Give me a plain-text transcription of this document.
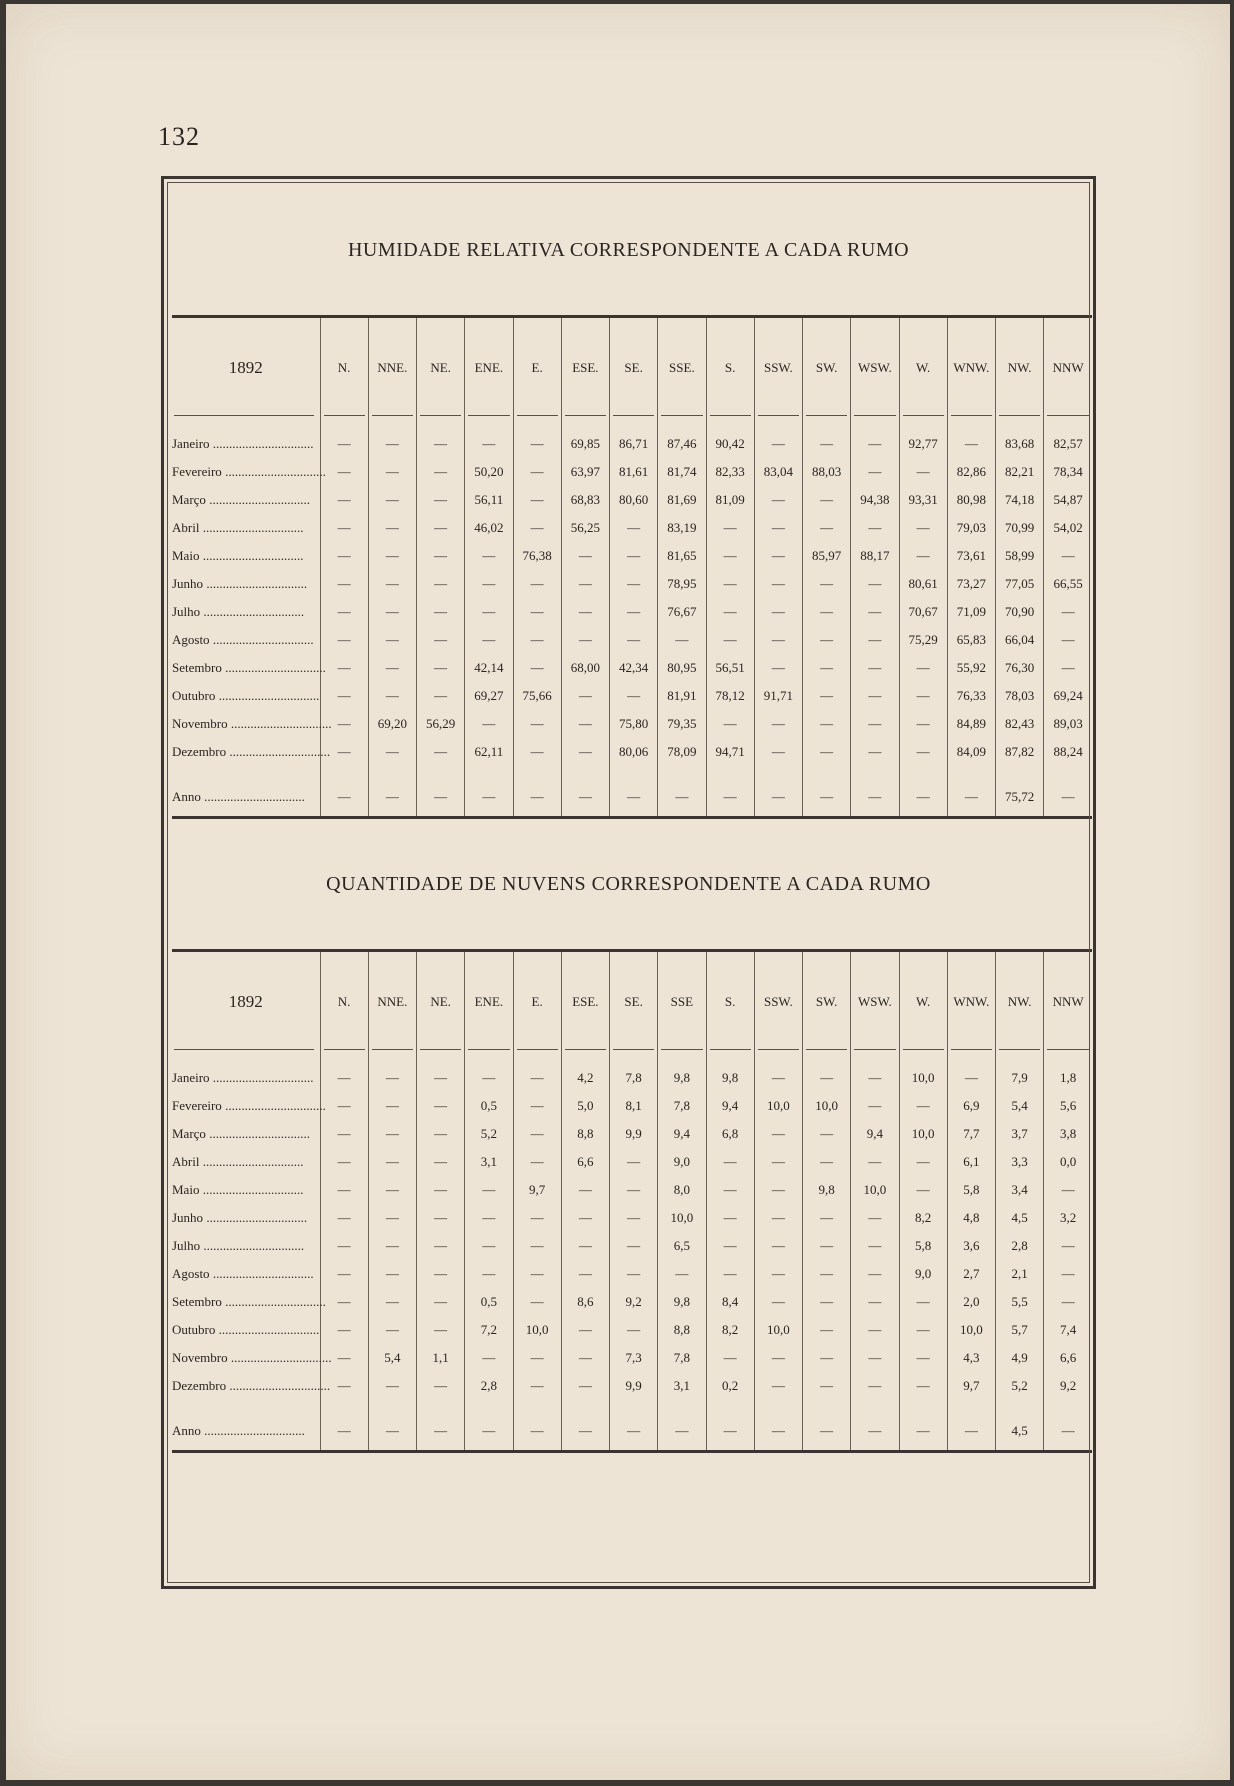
132
HUMIDADE RELATIVA CORRESPONDENTE A CADA RUMO
1892	N.	NNE.	NE.	ENE.	E.	ESE.	SE.	SSE.	S.	SSW.	SW.	WSW.	W.	WNW.	NW.	NNW

Janeiro ...............................	—	—	—	—	—	69,85	86,71	87,46	90,42	—	—	—	92,77	—	83,68	82,57
Fevereiro ...............................	—	—	—	50,20	—	63,97	81,61	81,74	82,33	83,04	88,03	—	—	82,86	82,21	78,34
Março ...............................	—	—	—	56,11	—	68,83	80,60	81,69	81,09	—	—	94,38	93,31	80,98	74,18	54,87
Abril ...............................	—	—	—	46,02	—	56,25	—	83,19	—	—	—	—	—	79,03	70,99	54,02
Maio ...............................	—	—	—	—	76,38	—	—	81,65	—	—	85,97	88,17	—	73,61	58,99	—
Junho ...............................	—	—	—	—	—	—	—	78,95	—	—	—	—	80,61	73,27	77,05	66,55
Julho ...............................	—	—	—	—	—	—	—	76,67	—	—	—	—	70,67	71,09	70,90	—
Agosto ...............................	—	—	—	—	—	—	—	—	—	—	—	—	75,29	65,83	66,04	—
Setembro ...............................	—	—	—	42,14	—	68,00	42,34	80,95	56,51	—	—	—	—	55,92	76,30	—
Outubro ...............................	—	—	—	69,27	75,66	—	—	81,91	78,12	91,71	—	—	—	76,33	78,03	69,24
Novembro ...............................	—	69,20	56,29	—	—	—	75,80	79,35	—	—	—	—	—	84,89	82,43	89,03
Dezembro ...............................	—	—	—	62,11	—	—	80,06	78,09	94,71	—	—	—	—	84,09	87,82	88,24
Anno ...............................	—	—	—	—	—	—	—	—	—	—	—	—	—	—	75,72	—
QUANTIDADE DE NUVENS CORRESPONDENTE A CADA RUMO
1892	N.	NNE.	NE.	ENE.	E.	ESE.	SE.	SSE	S.	SSW.	SW.	WSW.	W.	WNW.	NW.	NNW

Janeiro ...............................	—	—	—	—	—	4,2	7,8	9,8	9,8	—	—	—	10,0	—	7,9	1,8
Fevereiro ...............................	—	—	—	0,5	—	5,0	8,1	7,8	9,4	10,0	10,0	—	—	6,9	5,4	5,6
Março ...............................	—	—	—	5,2	—	8,8	9,9	9,4	6,8	—	—	9,4	10,0	7,7	3,7	3,8
Abril ...............................	—	—	—	3,1	—	6,6	—	9,0	—	—	—	—	—	6,1	3,3	0,0
Maio ...............................	—	—	—	—	9,7	—	—	8,0	—	—	9,8	10,0	—	5,8	3,4	—
Junho ...............................	—	—	—	—	—	—	—	10,0	—	—	—	—	8,2	4,8	4,5	3,2
Julho ...............................	—	—	—	—	—	—	—	6,5	—	—	—	—	5,8	3,6	2,8	—
Agosto ...............................	—	—	—	—	—	—	—	—	—	—	—	—	9,0	2,7	2,1	—
Setembro ...............................	—	—	—	0,5	—	8,6	9,2	9,8	8,4	—	—	—	—	2,0	5,5	—
Outubro ...............................	—	—	—	7,2	10,0	—	—	8,8	8,2	10,0	—	—	—	10,0	5,7	7,4
Novembro ...............................	—	5,4	1,1	—	—	—	7,3	7,8	—	—	—	—	—	4,3	4,9	6,6
Dezembro ...............................	—	—	—	2,8	—	—	9,9	3,1	0,2	—	—	—	—	9,7	5,2	9,2
Anno ...............................	—	—	—	—	—	—	—	—	—	—	—	—	—	—	4,5	—
